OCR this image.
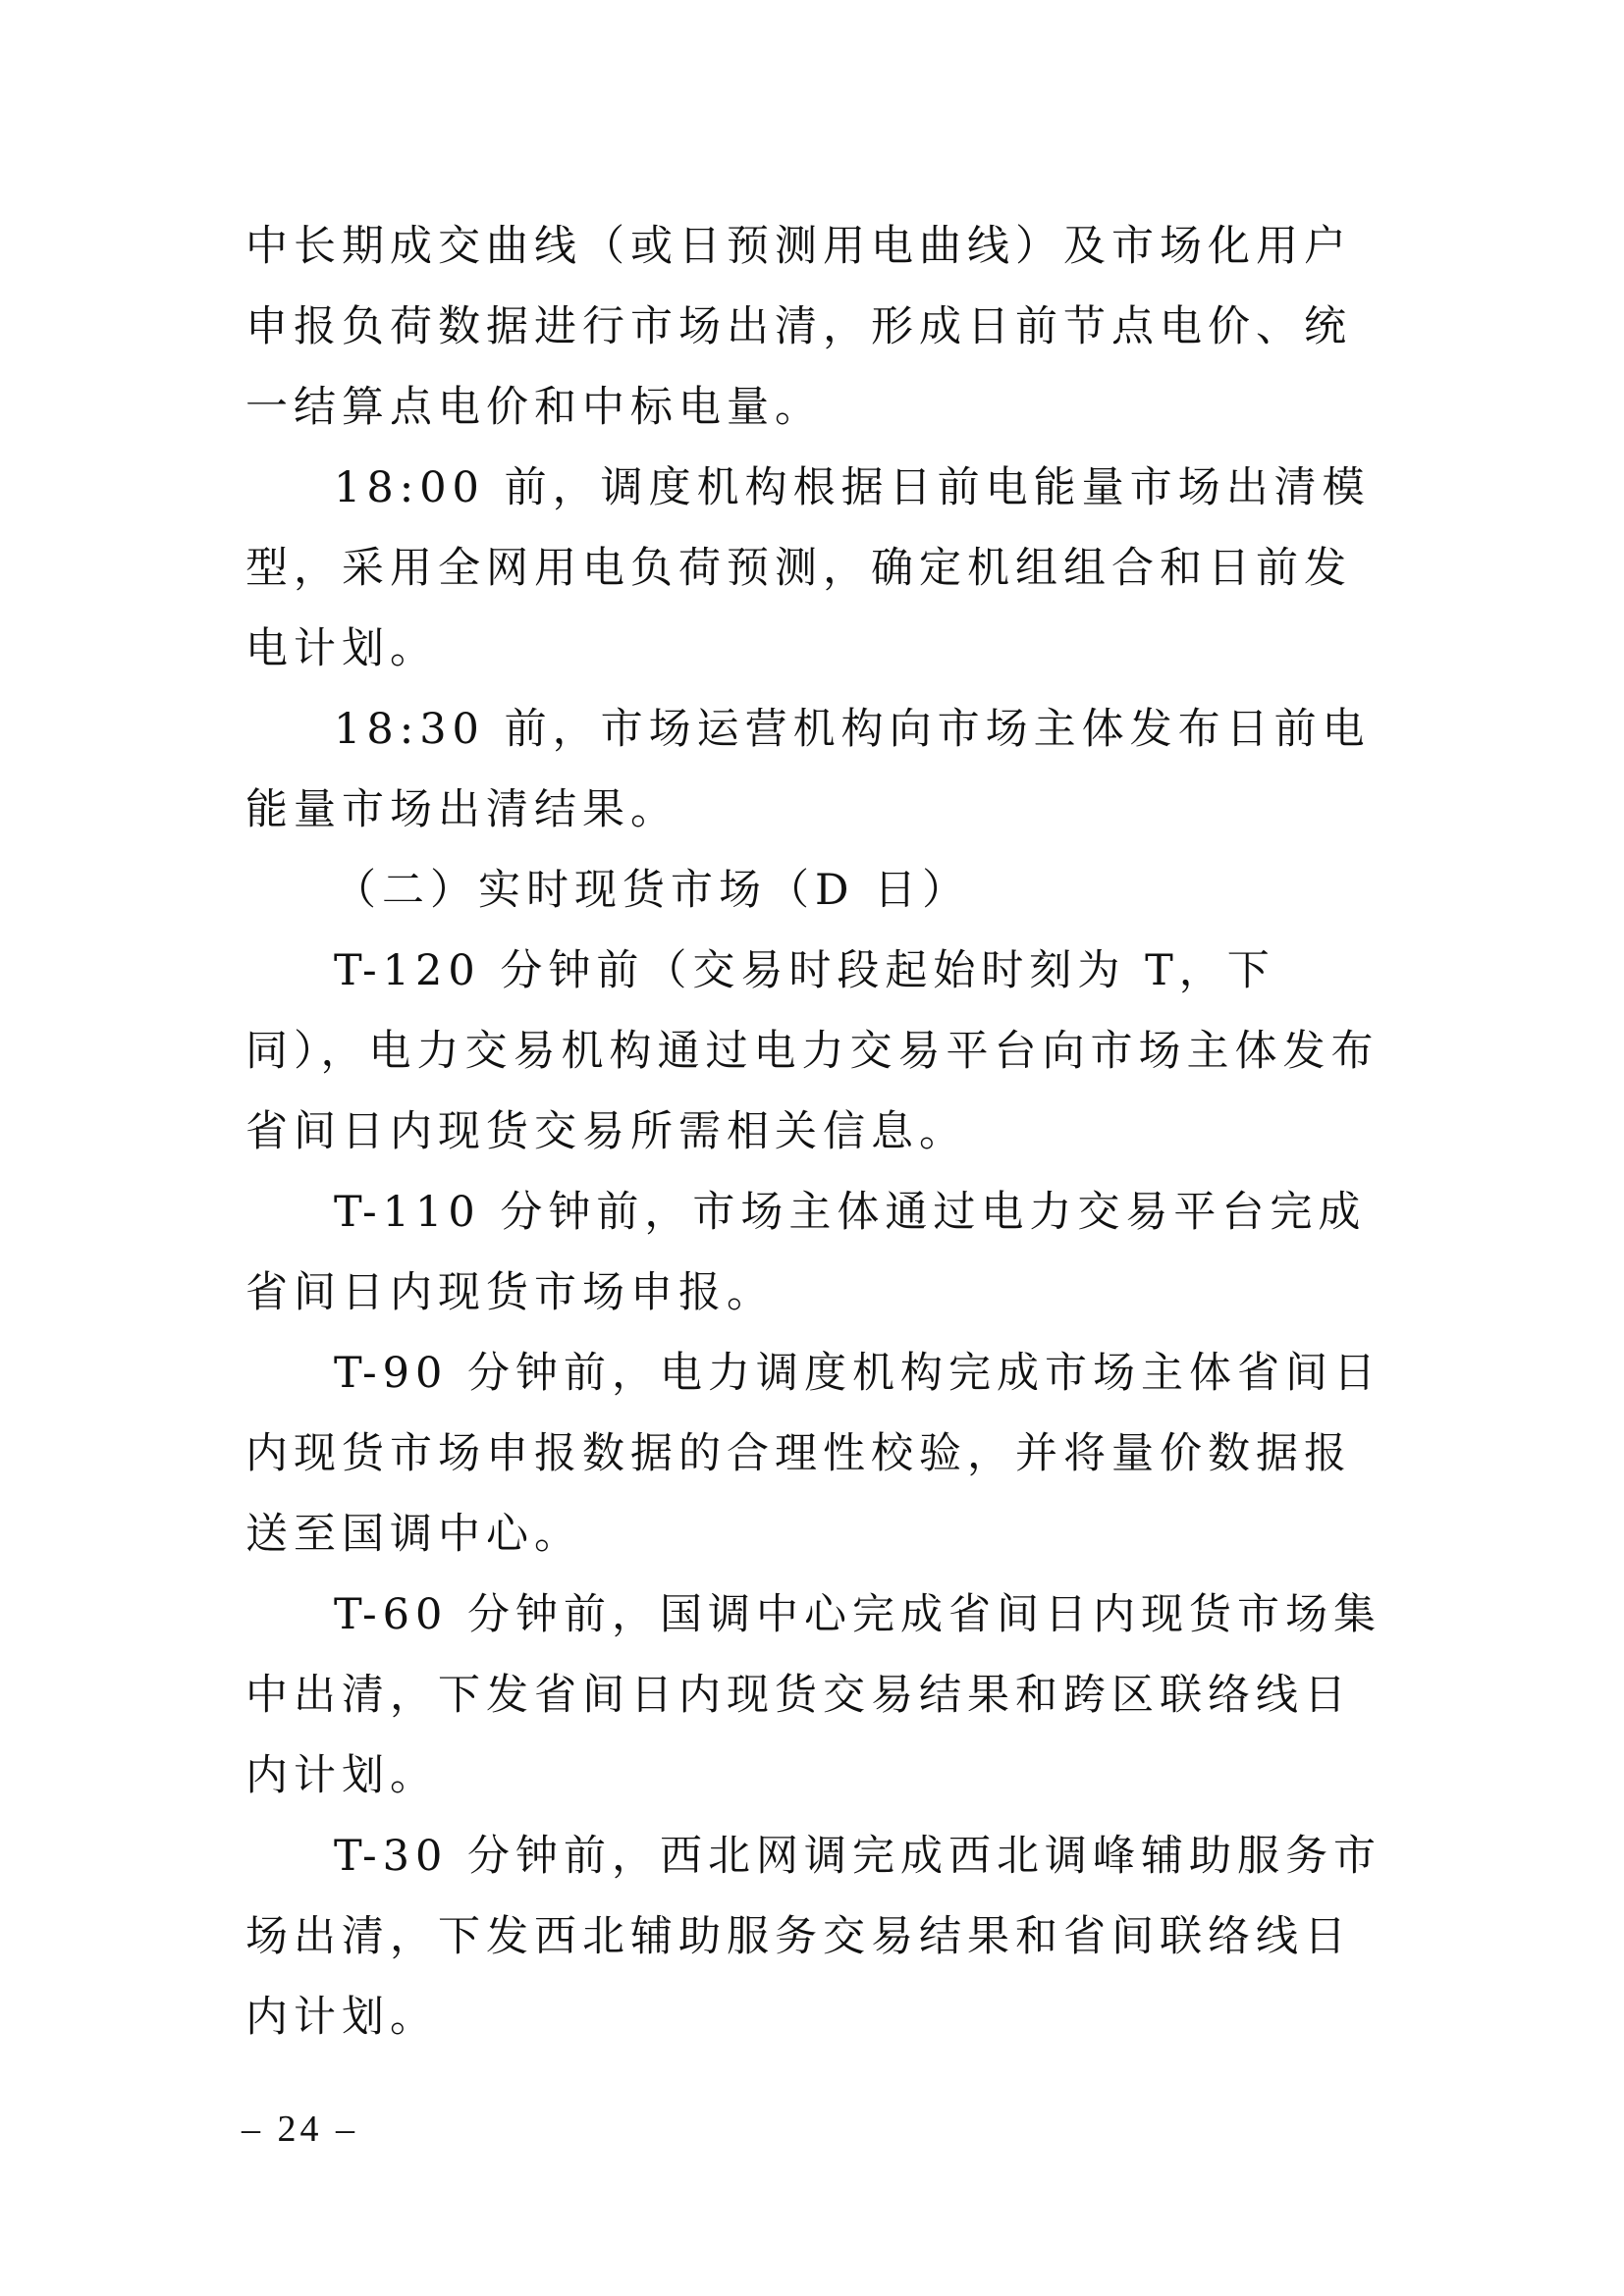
中长期成交曲线（或日预测用电曲线）及市场化用户申报负荷数据进行市场出清，形成日前节点电价、统一结算点电价和中标电量。

18:00 前，调度机构根据日前电能量市场出清模型，采用全网用电负荷预测，确定机组组合和日前发电计划。

18:30 前，市场运营机构向市场主体发布日前电能量市场出清结果。

（二）实时现货市场（D 日）

T-120 分钟前（交易时段起始时刻为 T，下同），电力交易机构通过电力交易平台向市场主体发布省间日内现货交易所需相关信息。

T-110 分钟前，市场主体通过电力交易平台完成省间日内现货市场申报。

T-90 分钟前，电力调度机构完成市场主体省间日内现货市场申报数据的合理性校验，并将量价数据报送至国调中心。

T-60 分钟前，国调中心完成省间日内现货市场集中出清，下发省间日内现货交易结果和跨区联络线日内计划。

T-30 分钟前，西北网调完成西北调峰辅助服务市场出清，下发西北辅助服务交易结果和省间联络线日内计划。

– 24 –
